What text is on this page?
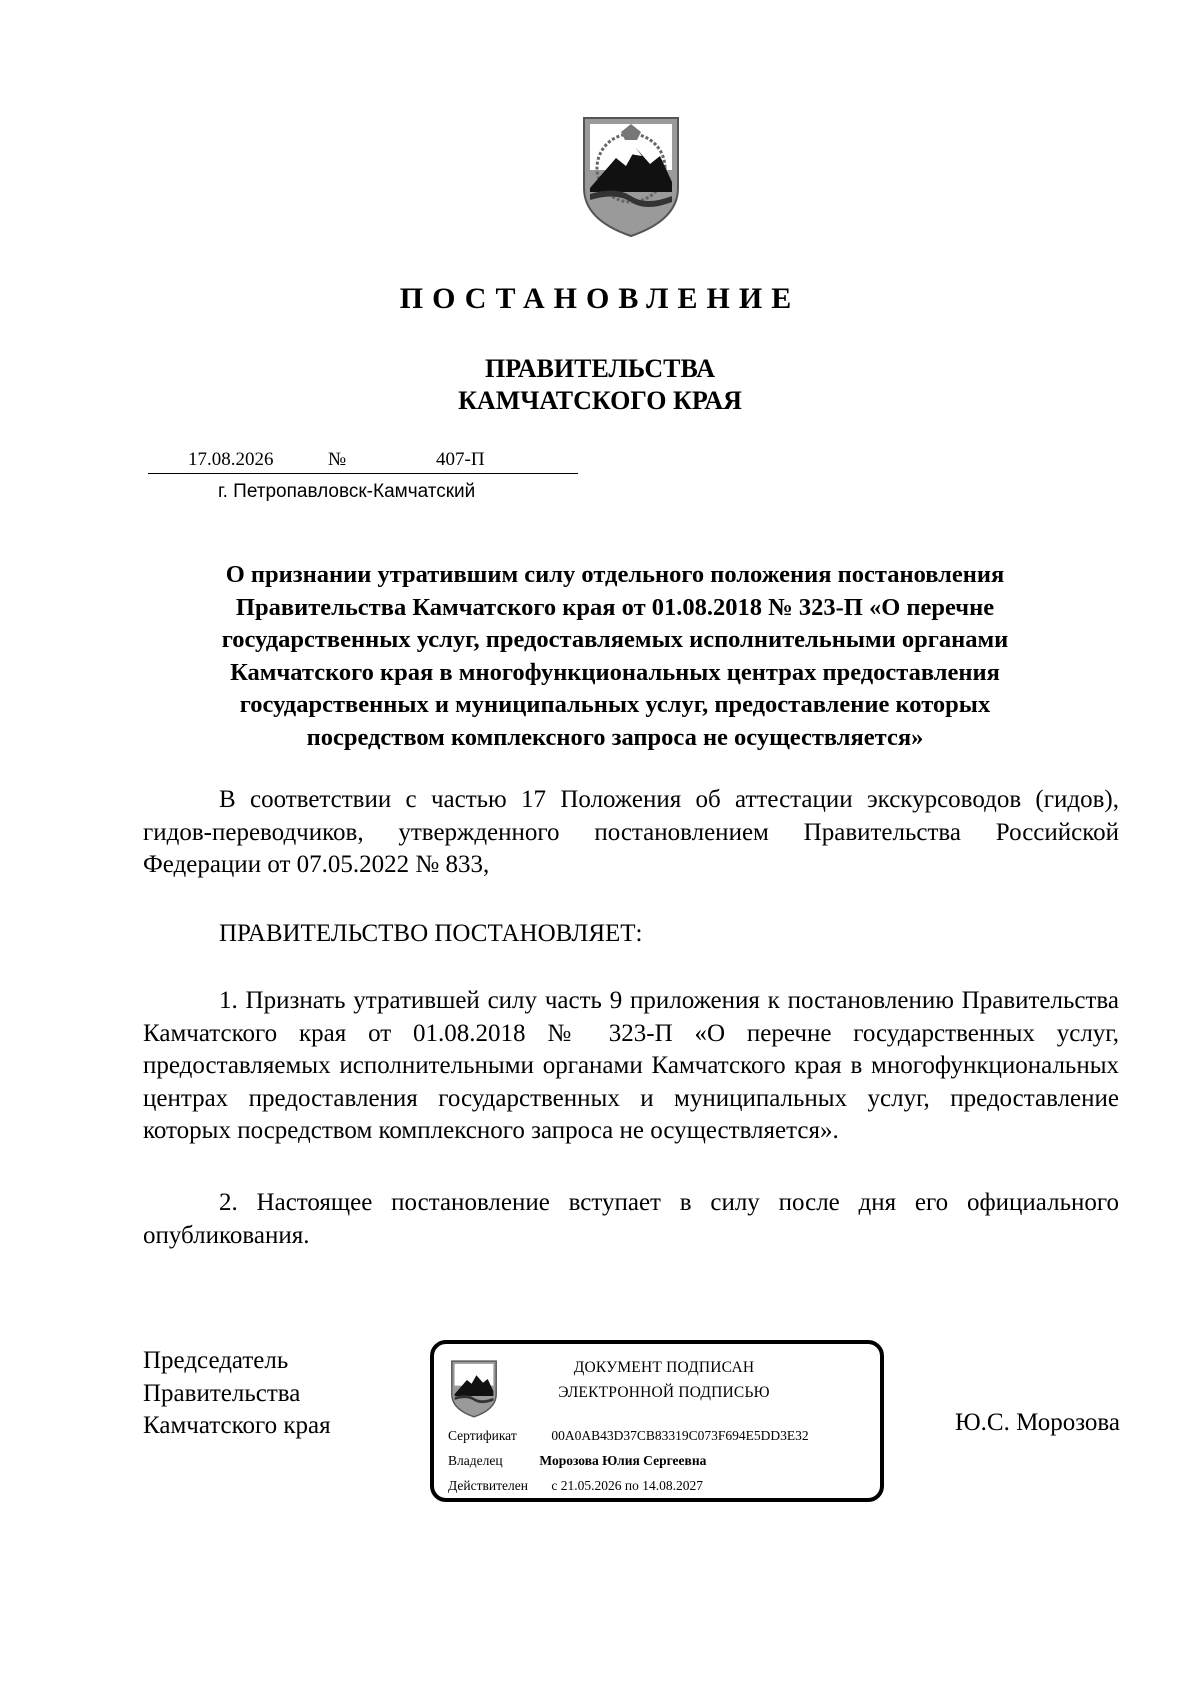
ПОСТАНОВЛЕНИЕ
ПРАВИТЕЛЬСТВА
КАМЧАТСКОГО КРАЯ
17.08.2026	№	407-П
г. Петропавловск-Камчатский
О признании утратившим силу отдельного положения постановления
Правительства Камчатского края от 01.08.2018 № 323-П «О перечне
государственных услуг, предоставляемых исполнительными органами
Камчатского края в многофункциональных центрах предоставления
государственных и муниципальных услуг, предоставление которых
посредством комплексного запроса не осуществляется»
В соответствии с частью 17 Положения об аттестации экскурсоводов (гидов), гидов-переводчиков, утвержденного постановлением Правительства Российской Федерации от 07.05.2022 № 833,
ПРАВИТЕЛЬСТВО ПОСТАНОВЛЯЕТ:
1. Признать утратившей силу часть 9 приложения к постановлению Правительства Камчатского края от 01.08.2018 № 323-П «О перечне государственных услуг, предоставляемых исполнительными органами Камчатского края в многофункциональных центрах предоставления государственных и муниципальных услуг, предоставление которых посредством комплексного запроса не осуществляется».
2. Настоящее постановление вступает в силу после дня его официального опубликования.
Председатель
Правительства
Камчатского края	Ю.С. Морозова
ДОКУМЕНТ ПОДПИСАН
ЭЛЕКТРОННОЙ ПОДПИСЬЮ
Сертификат	00A0AB43D37CB83319C073F694E5DD3E32
Владелец	Морозова Юлия Сергеевна
Действителен с 21.05.2026 по 14.08.2027
